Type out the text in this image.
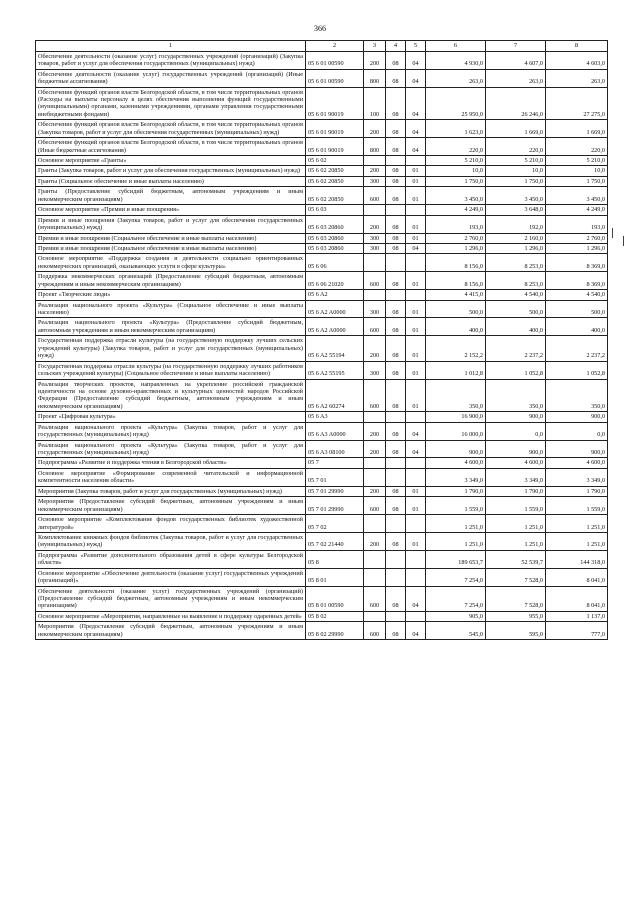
366
1	2	3	4	5	6	7	8
Обеспечение деятельности (оказание услуг) государственных учреждений (организаций) (Закупка товаров, работ и услуг для обеспечения государственных (муниципальных) нужд)	05 6 01 00590	200	08	04	4 930,0	4 607,0	4 603,0
Обеспечение деятельности (оказание услуг) государственных учреждений (организаций) (Иные бюджетные ассигнования)	05 6 01 00590	800	08	04	263,0	263,0	263,0
Обеспечение функций органов власти Белгородской области, в том числе территориальных органов (Расходы на выплаты персоналу в целях обеспечения выполнения функций государственными (муниципальными) органами, казенными учреждениями, органами управления государственными внебюджетными фондами)	05 6 01 90019	100	08	04	25 950,0	26 246,0	27 275,0
Обеспечение функций органов власти Белгородской области, в том числе территориальных органов (Закупка товаров, работ и услуг для обеспечения государственных (муниципальных) нужд)	05 6 01 90019	200	08	04	1 623,0	1 669,0	1 669,0
Обеспечение функций органов власти Белгородской области, в том числе территориальных органов (Иные бюджетные ассигнования)	05 6 01 90019	800	08	04	220,0	220,0	220,0
Основное мероприятие «Гранты»	05 6 02				5 210,0	5 210,0	5 210,0
Гранты (Закупка товаров, работ и услуг для обеспечения государственных (муниципальных) нужд)	05 6 02 20850	200	08	01	10,0	10,0	10,0
Гранты (Социальное обеспечение и иные выплаты населению)	05 6 02 20850	300	08	01	1 750,0	1 750,0	1 750,0
Гранты (Предоставление субсидий бюджетным, автономным учреждениям и иным некоммерческим организациям)	05 6 02 20850	600	08	01	3 450,0	3 450,0	3 450,0
Основное мероприятие «Премии и иные поощрения»	05 6 03				4 249,0	3 648,0	4 249,0
Премии и иные поощрения (Закупка товаров, работ и услуг для обеспечения государственных (муниципальных) нужд)	05 6 03 20860	200	08	01	193,0	192,0	193,0
Премии и иные поощрения (Социальное обеспечение и иные выплаты населению)	05 6 03 20860	300	08	01	2 760,0	2 160,0	2 760,0
Премии и иные поощрения (Социальное обеспечение и иные выплаты населению)	05 6 03 20860	300	08	04	1 296,0	1 296,0	1 296,0
Основное мероприятие «Поддержка создания и деятельности социально ориентированных некоммерческих организаций, оказывающих услуги в сфере культуры»	05 6 06				8 156,0	8 253,0	8 369,0
Поддержка некоммерческих организаций (Предоставление субсидий бюджетным, автономным учреждениям и иным некоммерческим организациям)	05 6 06 21020	600	08	01	8 156,0	8 253,0	8 369,0
Проект «Творческие люди»	05 6 A2				4 415,0	4 540,0	4 540,0
Реализация национального проекта «Культура» (Социальное обеспечение и иные выплаты населению)	05 6 A2 A0000	300	08	01	500,0	500,0	500,0
Реализация национального проекта «Культура» (Предоставление субсидий бюджетным, автономным учреждениям и иным некоммерческим организациям)	05 6 A2 A0000	600	08	01	400,0	400,0	400,0
Государственная поддержка отрасли культуры (на государственную поддержку лучших сельских учреждений культуры) (Закупка товаров, работ и услуг для государственных (муниципальных) нужд)	05 6 A2 55194	200	08	01	2 152,2	2 237,2	2 237,2
Государственная поддержка отрасли культуры (на государственную поддержку лучших работников сельских учреждений культуры) (Социальное обеспечение и иные выплаты населению)	05 6 A2 55195	300	08	01	1 012,8	1 052,8	1 052,8
Реализация творческих проектов, направленных на укрепление российской гражданской идентичности на основе духовно-нравственных и культурных ценностей народов Российской Федерации (Предоставление субсидий бюджетным, автономным учреждениям и иным некоммерческим организациям)	05 6 A2 60274	600	08	01	350,0	350,0	350,0
Проект «Цифровая культура»	05 6 A3				16 900,0	900,0	900,0
Реализация национального проекта «Культура» (Закупка товаров, работ и услуг для государственных (муниципальных) нужд)	05 6 A3 A0000	200	08	04	16 000,0	0,0	0,0
Реализация национального проекта «Культура» (Закупка товаров, работ и услуг для государственных (муниципальных) нужд)	05 6 A3 08100	200	08	04	900,0	900,0	900,0
Подпрограмма «Развитие и поддержка чтения в Белгородской области»	05 7				4 600,0	4 600,0	4 600,0
Основное мероприятие «Формирование современной читательской и информационной компетентности населения области»	05 7 01				3 349,0	3 349,0	3 349,0
Мероприятия (Закупка товаров, работ и услуг для государственных (муниципальных) нужд)	05 7 01 29990	200	08	01	1 790,0	1 790,0	1 790,0
Мероприятия (Предоставление субсидий бюджетным, автономным учреждениям и иным некоммерческим организациям)	05 7 01 29990	600	08	01	1 559,0	1 559,0	1 559,0
Основное мероприятие «Комплектование фондов государственных библиотек художественной литературой»	05 7 02				1 251,0	1 251,0	1 251,0
Комплектование книжных фондов библиотек (Закупка товаров, работ и услуг для государственных (муниципальных) нужд)	05 7 02 21440	200	08	01	1 251,0	1 251,0	1 251,0
Подпрограмма «Развитие дополнительного образования детей в сфере культуры Белгородской области»	05 8				189 653,7	52 539,7	144 318,0
Основное мероприятие «Обеспечение деятельности (оказание услуг) государственных учреждений (организаций)»	05 8 01				7 254,0	7 528,0	8 041,0
Обеспечение деятельности (оказание услуг) государственных учреждений (организаций) (Предоставление субсидий бюджетным, автономным учреждениям и иным некоммерческим организациям)	05 8 01 00590	600	08	04	7 254,0	7 528,0	8 041,0
Основное мероприятие «Мероприятия, направленные на выявление и поддержку одаренных детей»	05 8 02				905,0	955,0	1 137,0
Мероприятия (Предоставление субсидий бюджетным, автономным учреждениям и иным некоммерческим организациям)	05 8 02 29990	600	08	04	545,0	595,0	777,0
